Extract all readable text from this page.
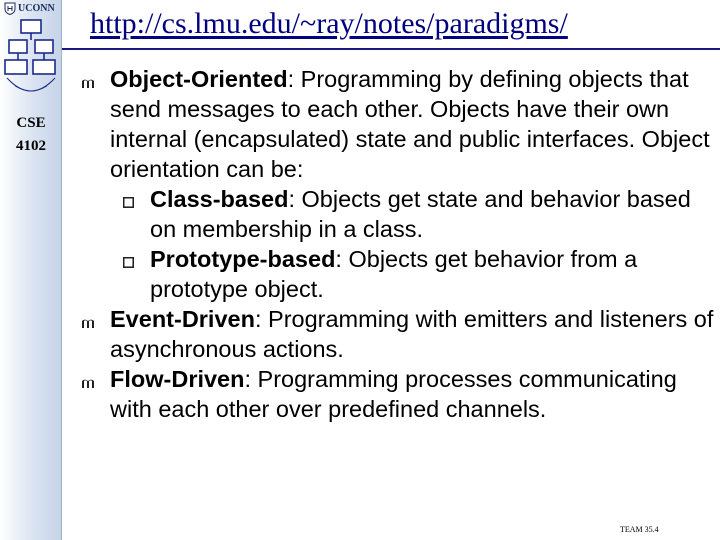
UCONN
CSE
4102
http://cs.lmu.edu/~ray/notes/paradigms/

Object-Oriented: Programming by defining objects that send messages to each other. Objects have their own internal (encapsulated) state and public interfaces. Object orientation can be:

Class-based: Objects get state and behavior based on membership in a class.

Prototype-based: Objects get behavior from a prototype object.

Event-Driven: Programming with emitters and listeners of asynchronous actions.

Flow-Driven: Programming processes communicating with each other over predefined channels.

TEAM 35.4
